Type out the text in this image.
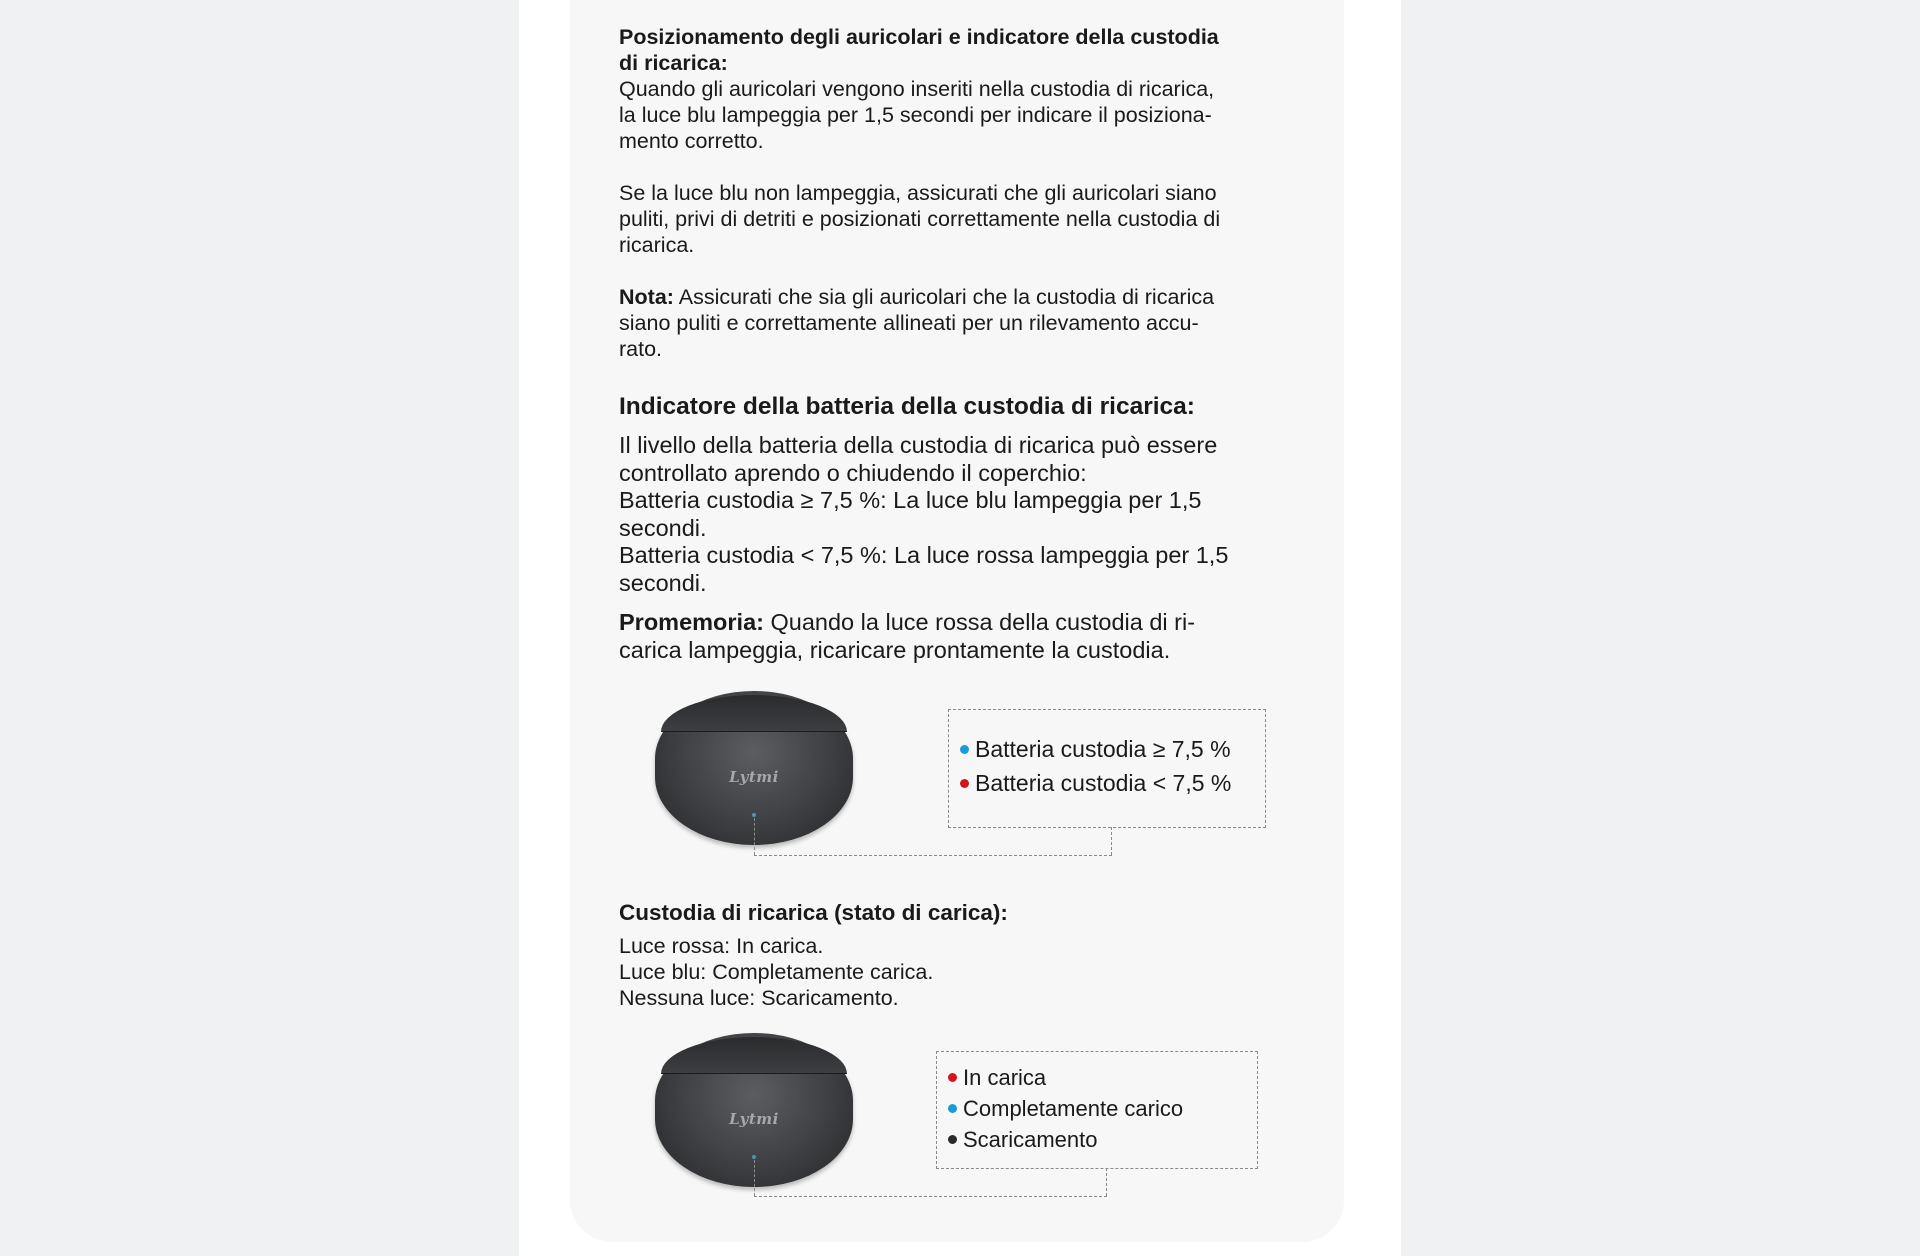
Posizionamento degli auricolari e indicatore della custodia
di ricarica:
Quando gli auricolari vengono inseriti nella custodia di ricarica,
la luce blu lampeggia per 1,5 secondi per indicare il posiziona-
mento corretto.
Se la luce blu non lampeggia, assicurati che gli auricolari siano
puliti, privi di detriti e posizionati correttamente nella custodia di
ricarica.
Nota: Assicurati che sia gli auricolari che la custodia di ricarica
siano puliti e correttamente allineati per un rilevamento accu-
rato.
Indicatore della batteria della custodia di ricarica:
Il livello della batteria della custodia di ricarica può essere
controllato aprendo o chiudendo il coperchio:
Batteria custodia ≥ 7,5 %: La luce blu lampeggia per 1,5
secondi.
Batteria custodia < 7,5 %: La luce rossa lampeggia per 1,5
secondi.
Promemoria: Quando la luce rossa della custodia di ri-
carica lampeggia, ricaricare prontamente la custodia.
Lytmi
Batteria custodia ≥ 7,5 %
Batteria custodia < 7,5 %
Custodia di ricarica (stato di carica):
Luce rossa: In carica.
Luce blu: Completamente carica.
Nessuna luce: Scaricamento.
Lytmi
In carica
Completamente carico
Scaricamento
